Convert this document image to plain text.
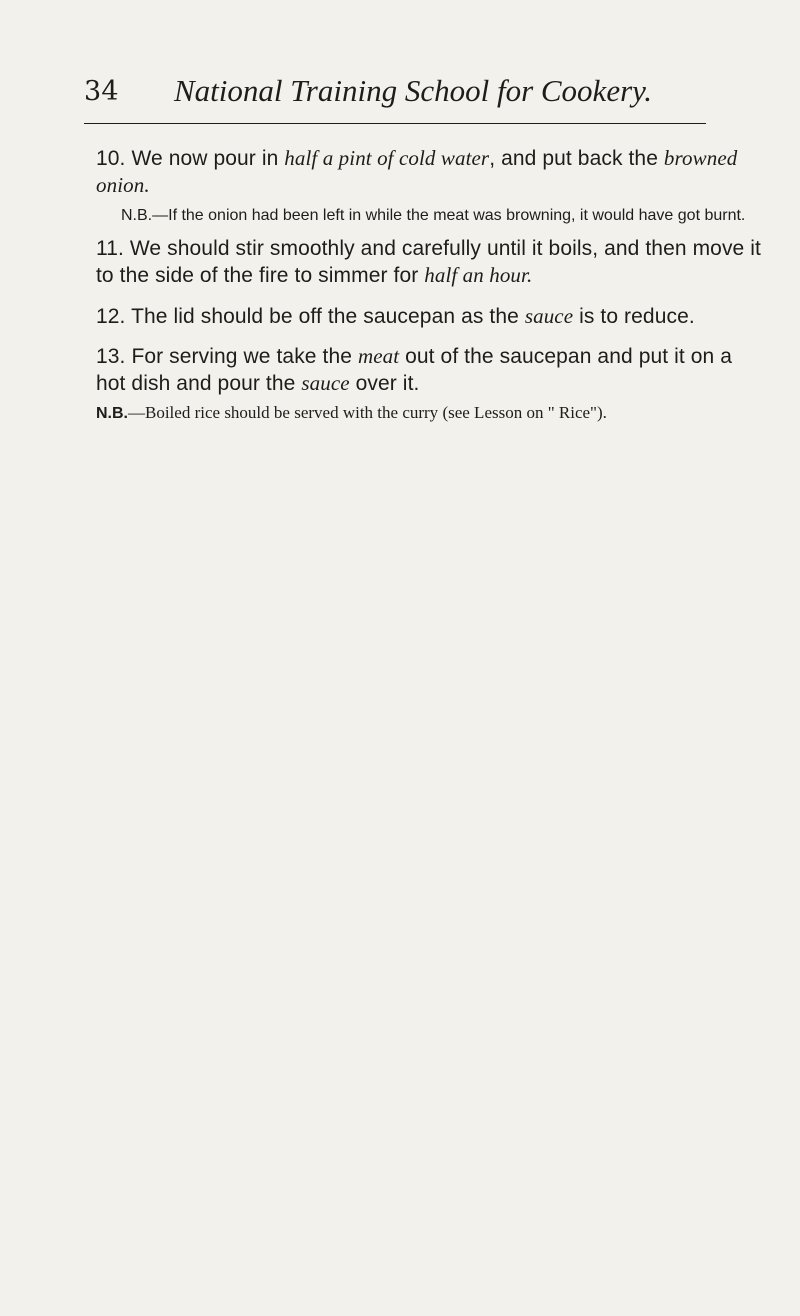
34 National Training School for Cookery.

10. We now pour in half a pint of cold water, and put back the browned onion.

N.B.—If the onion had been left in while the meat was browning, it would have got burnt.

11. We should stir smoothly and carefully until it boils, and then move it to the side of the fire to simmer for half an hour.

12. The lid should be off the saucepan as the sauce is to reduce.

13. For serving we take the meat out of the saucepan and put it on a hot dish and pour the sauce over it.

N.B.—Boiled rice should be served with the curry (see Lesson on " Rice").
